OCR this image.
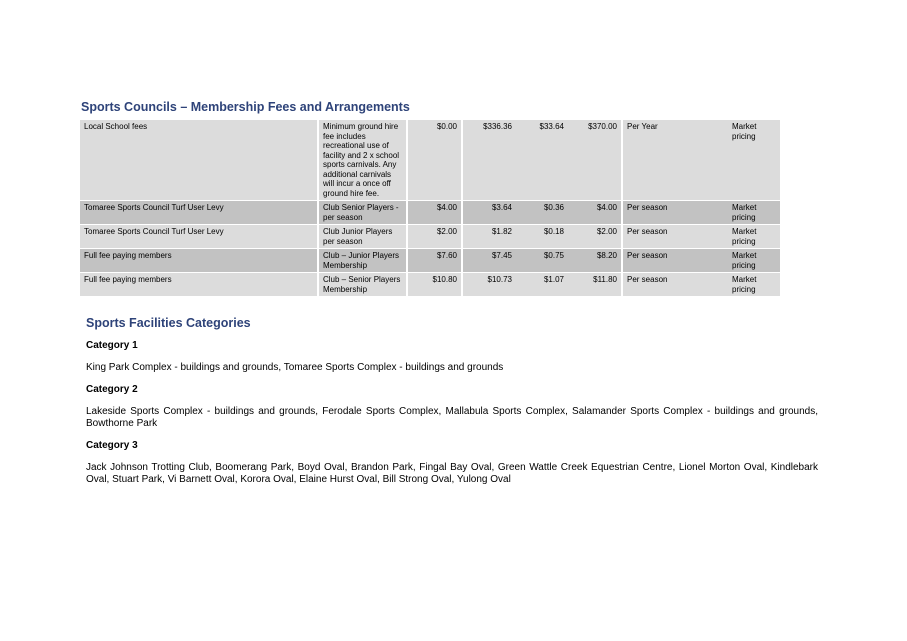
Sports Councils – Membership Fees and Arrangements
Local School fees		Minimum ground hire fee includes recreational use of facility and 2 x school sports carnivals. Any additional carnivals will incur a once off ground hire fee.		$0.00		$336.36	$33.64	$370.00		Per Year	Market pricing
Tomaree Sports Council Turf User Levy		Club Senior Players - per season		$4.00		$3.64	$0.36	$4.00		Per season	Market pricing
Tomaree Sports Council Turf User Levy		Club Junior Players per season		$2.00		$1.82	$0.18	$2.00		Per season	Market pricing
Full fee paying members		Club – Junior Players Membership		$7.60		$7.45	$0.75	$8.20		Per season	Market pricing
Full fee paying members		Club – Senior Players Membership		$10.80		$10.73	$1.07	$11.80		Per season	Market pricing
Sports Facilities Categories
Category 1

King Park Complex - buildings and grounds, Tomaree Sports Complex - buildings and grounds

Category 2

Lakeside Sports Complex - buildings and grounds, Ferodale Sports Complex, Mallabula Sports Complex, Salamander Sports Complex - buildings and grounds, Bowthorne Park

Category 3

Jack Johnson Trotting Club, Boomerang Park, Boyd Oval, Brandon Park, Fingal Bay Oval, Green Wattle Creek Equestrian Centre, Lionel Morton Oval, Kindlebark Oval, Stuart Park, Vi Barnett Oval, Korora Oval, Elaine Hurst Oval, Bill Strong Oval, Yulong Oval
